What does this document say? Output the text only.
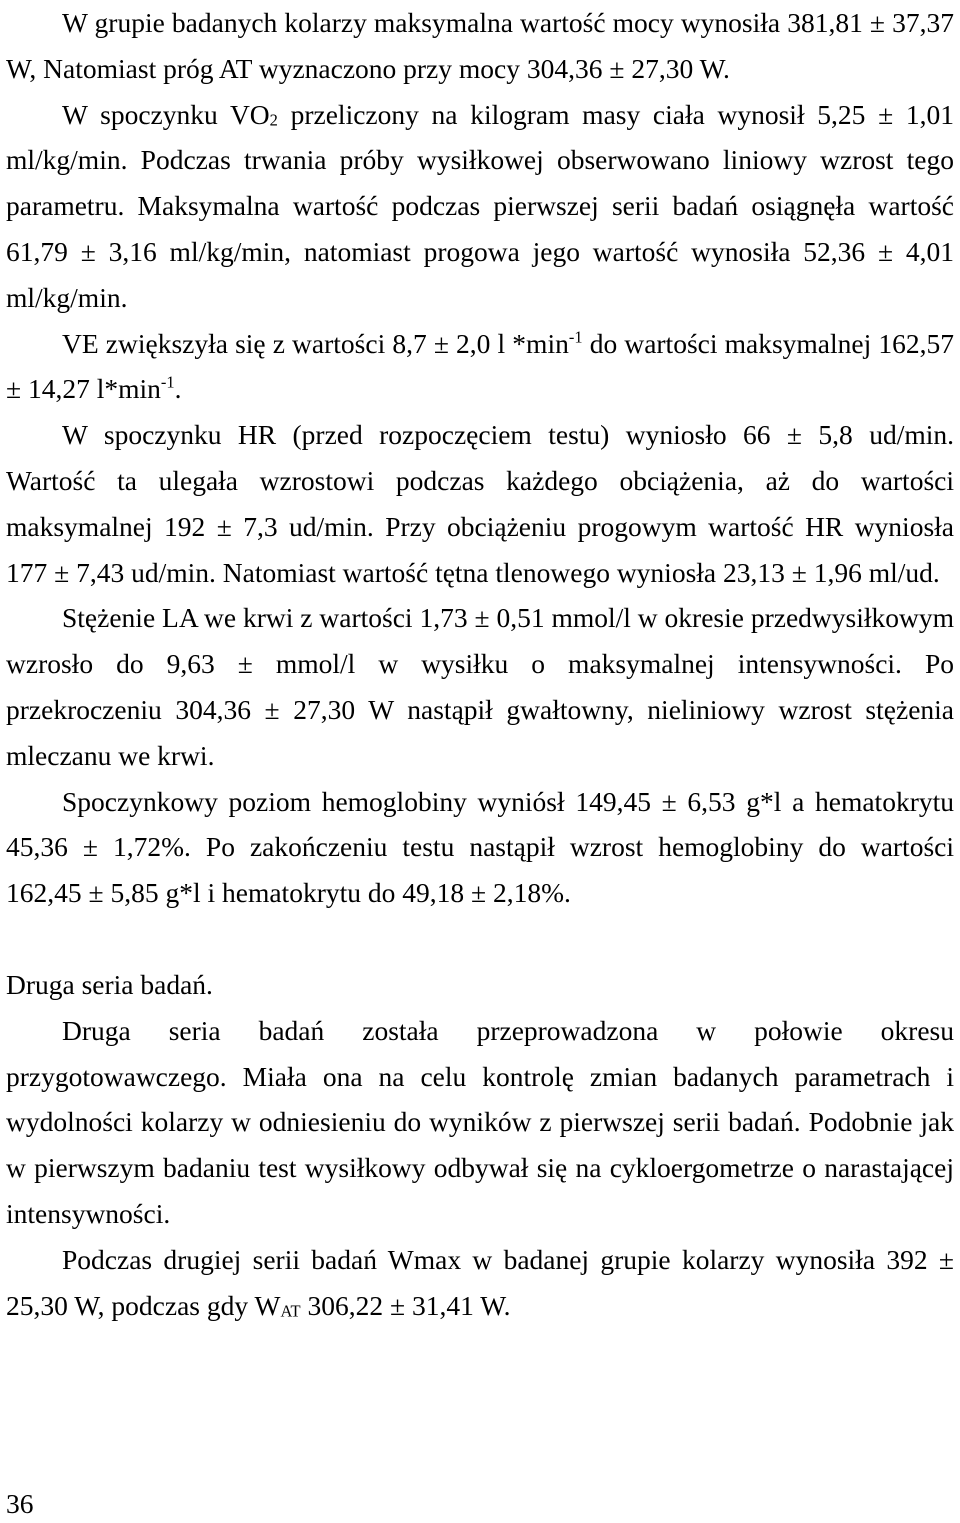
W grupie badanych kolarzy maksymalna wartość mocy wynosiła 381,81 ± 37,37 W, Natomiast próg AT wyznaczono przy mocy 304,36 ± 27,30 W.

W spoczynku $VO_2$ przeliczony na kilogram masy ciała wynosił 5,25 ± 1,01 ml/kg/min. Podczas trwania próby wysiłkowej obserwowano liniowy wzrost tego parametru. Maksymalna wartość podczas pierwszej serii badań osiągnęła wartość 61,79 ± 3,16 ml/kg/min, natomiast progowa jego wartość wynosiła 52,36 ± 4,01 ml/kg/min.

VE zwiększyła się z wartości 8,7 ± 2,0 l $*\min^{-1}$ do wartości maksymalnej 162,57 ± 14,27 $l*\min^{-1}$.

W spoczynku HR (przed rozpoczęciem testu) wyniosło 66 ± 5,8 ud/min. Wartość ta ulegała wzrostowi podczas każdego obciążenia, aż do wartości maksymalnej 192 ± 7,3 ud/min. Przy obciążeniu progowym wartość HR wyniosła 177 ± 7,43 ud/min. Natomiast wartość tętna tlenowego wyniosła 23,13 ± 1,96 ml/ud.

Stężenie LA we krwi z wartości 1,73 ± 0,51 mmol/l w okresie przedwysiłkowym wzrosło do 9,63 ± mmol/l w wysiłku o maksymalnej intensywności. Po przekroczeniu 304,36 ± 27,30 W nastąpił gwałtowny, nieliniowy wzrost stężenia mleczanu we krwi.

Spoczynkowy poziom hemoglobiny wyniósł 149,45 ± 6,53 g*l a hematokrytu 45,36 ± 1,72%. Po zakończeniu testu nastąpił wzrost hemoglobiny do wartości 162,45 ± 5,85 g*l i hematokrytu do 49,18 ± 2,18%.

Druga seria badań.

Druga seria badań została przeprowadzona w połowie okresu przygotowawczego. Miała ona na celu kontrolę zmian badanych parametrach i wydolności kolarzy w odniesieniu do wyników z pierwszej serii badań. Podobnie jak w pierwszym badaniu test wysiłkowy odbywał się na cykloergometrze o narastającej intensywności.

Podczas drugiej serii badań Wmax w badanej grupie kolarzy wynosiła 392 ± 25,30 W, podczas gdy $W_{AT}$ 306,22 ± 31,41 W.

36
